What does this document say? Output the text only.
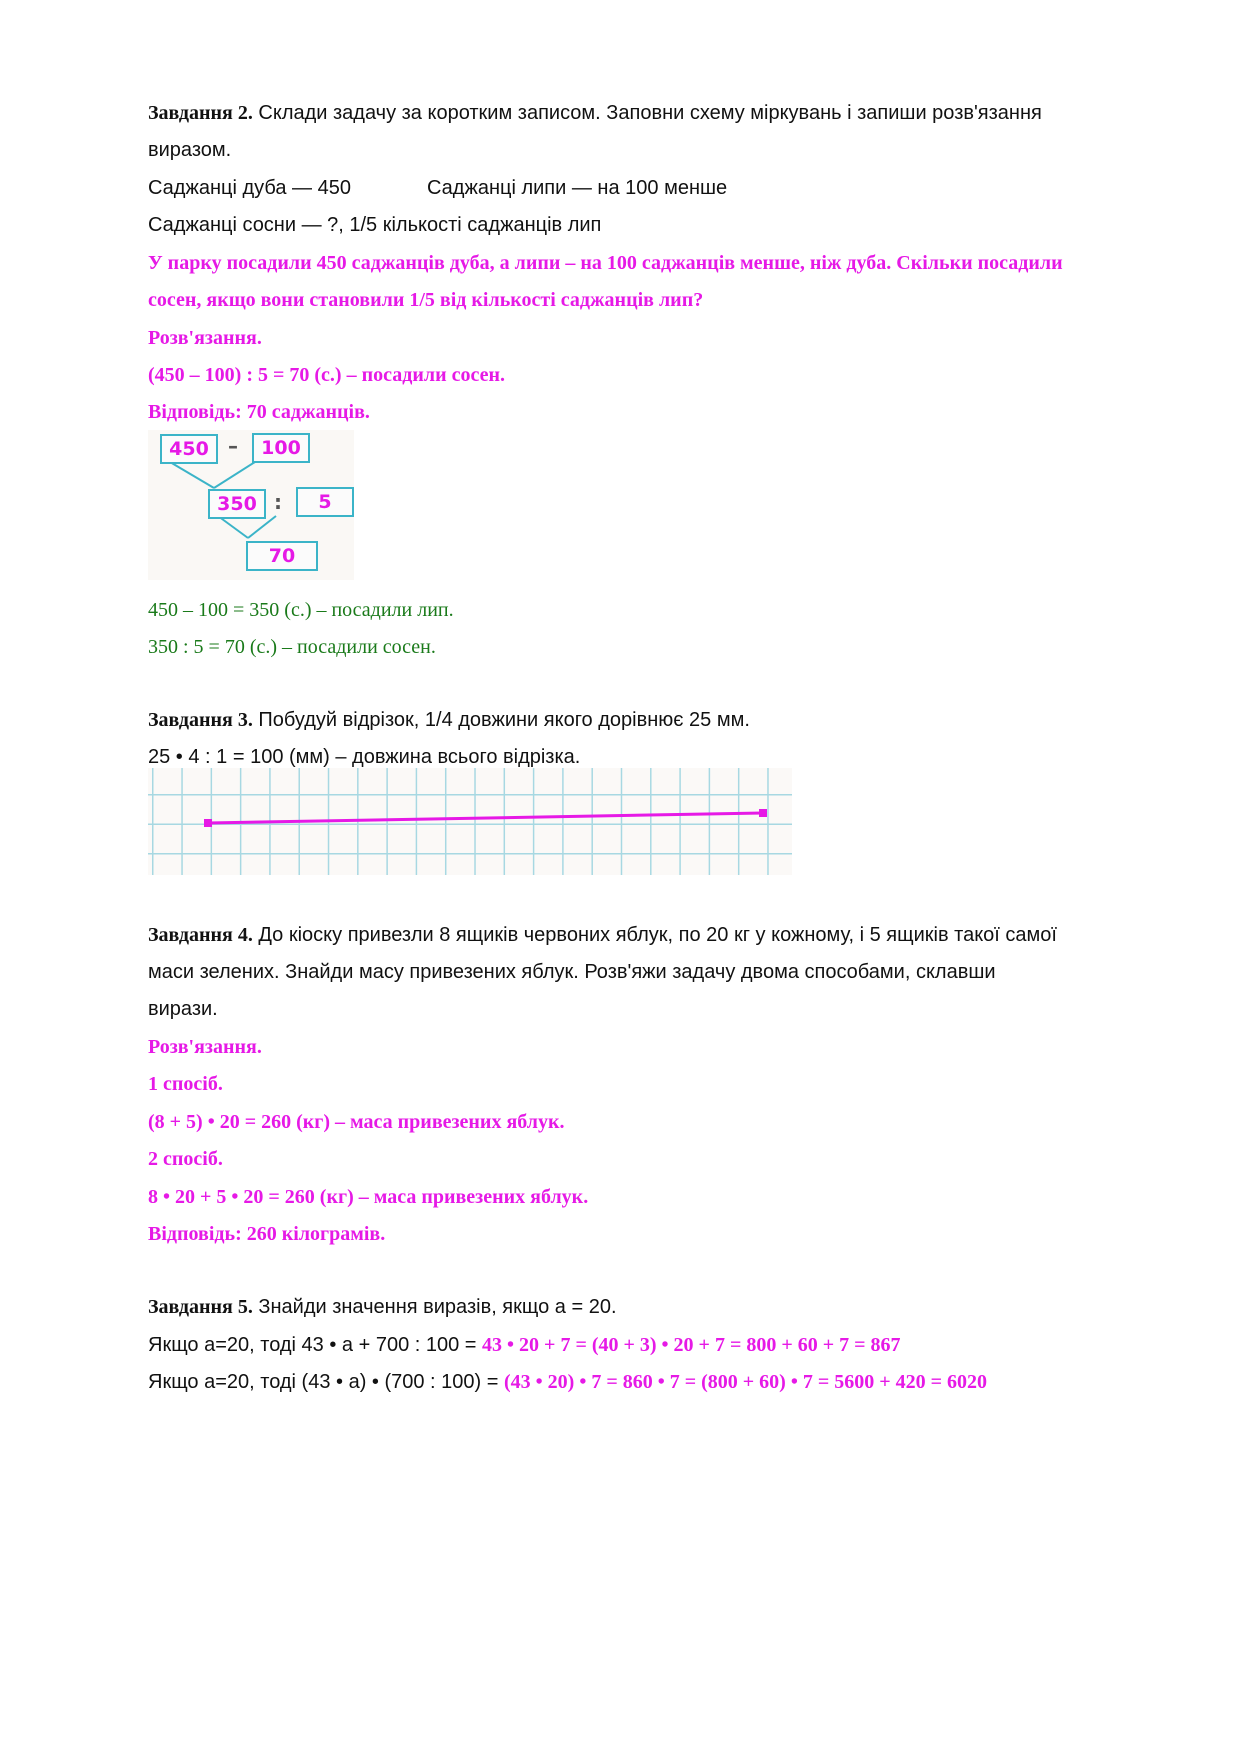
Завдання 2. Склади задачу за коротким записом. Заповни схему міркувань і запиши розв'язання
виразом.
Саджанці дуба — 450	Саджанці липи — на 100 менше
Саджанці сосни — ?, 1/5 кількості саджанців лип
У парку посадили 450 саджанців дуба, а липи – на 100 саджанців менше, ніж дуба. Скільки посадили
сосен, якщо вони становили 1/5 від кількості саджанців лип?
Розв'язання.
(450 – 100) : 5 = 70 (с.) – посадили сосен.
Відповідь: 70 саджанців.
450 –	100
350 :	5
70
450 – 100 = 350 (с.) – посадили лип.
350 : 5 = 70 (с.) – посадили сосен.
Завдання 3. Побудуй відрізок, 1/4 довжини якого дорівнює 25 мм.
25 • 4 : 1 = 100 (мм) – довжина всього відрізка.
Завдання 4. До кіоску привезли 8 ящиків червоних яблук, по 20 кг у кожному, і 5 ящиків такої самої
маси зелених. Знайди масу привезених яблук. Розв'яжи задачу двома способами, склавши
вирази.
Розв'язання.
1 спосіб.
(8 + 5) • 20 = 260 (кг) – маса привезених яблук.
2 спосіб.
8 • 20 + 5 • 20 = 260 (кг) – маса привезених яблук.
Відповідь: 260 кілограмів.
Завдання 5. Знайди значення виразів, якщо а = 20.
Якщо а=20, тоді 43 • а + 700 : 100 = 43 • 20 + 7 = (40 + 3) • 20 + 7 = 800 + 60 + 7 = 867
Якщо а=20, тоді (43 • а) • (700 : 100) = (43 • 20) • 7 = 860 • 7 = (800 + 60) • 7 = 5600 + 420 = 6020
